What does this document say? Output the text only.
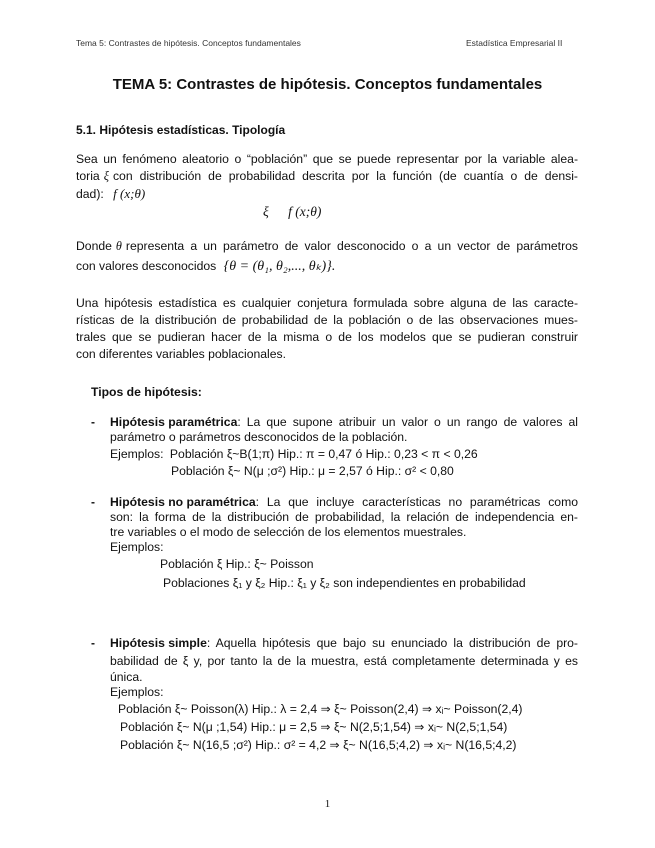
Tema 5: Contrastes de hipótesis. Conceptos fundamentales	Estadística Empresarial II
TEMA 5: Contrastes de hipótesis. Conceptos fundamentales
5.1. Hipótesis estadísticas. Tipología
Sea un fenómeno aleatorio o “población” que se puede representar por la variable alea-
toria ξ con distribución de probabilidad descrita por la función (de cuantía o de densi-
dad): f (x;θ)
ξ f (x;θ)
Donde θ representa a un parámetro de valor desconocido o a un vector de parámetros
con valores desconocidos {θ = (θ₁, θ₂,..., θₖ)}.
Una hipótesis estadística es cualquier conjetura formulada sobre alguna de las caracte-
rísticas de la distribución de probabilidad de la población o de las observaciones mues-
trales que se pudieran hacer de la misma o de los modelos que se pudieran construir
con diferentes variables poblacionales.
Tipos de hipótesis:
- Hipótesis paramétrica : La que supone atribuir un valor o un rango de valores al
parámetro o parámetros desconocidos de la población.
Ejemplos: Población ξ~B(1;π) Hip.: π = 0,47 ó Hip.: 0,23 < π < 0,26
Población ξ~ N(μ ;σ²) Hip.: μ = 2,57 ó Hip.: σ² < 0,80
- Hipótesis no paramétrica : La que incluye características no paramétricas como
son: la forma de la distribución de probabilidad, la relación de independencia en-
tre variables o el modo de selección de los elementos muestrales.
Ejemplos:
Población ξ Hip.: ξ~ Poisson
Poblaciones ξ₁ y ξ₂ Hip.: ξ₁ y ξ₂ son independientes en probabilidad
- Hipótesis simple : Aquella hipótesis que bajo su enunciado la distribución de pro-
babilidad de ξ y, por tanto la de la muestra, está completamente determinada y es
única.
Ejemplos:
Población ξ~ Poisson(λ) Hip.: λ = 2,4 ⇒ ξ~ Poisson(2,4) ⇒ xᵢ~ Poisson(2,4)
Población ξ~ N(μ ;1,54) Hip.: μ = 2,5 ⇒ ξ~ N(2,5;1,54) ⇒ xᵢ~ N(2,5;1,54)
Población ξ~ N(16,5 ;σ²) Hip.: σ² = 4,2 ⇒ ξ~ N(16,5;4,2) ⇒ xᵢ~ N(16,5;4,2)
1
